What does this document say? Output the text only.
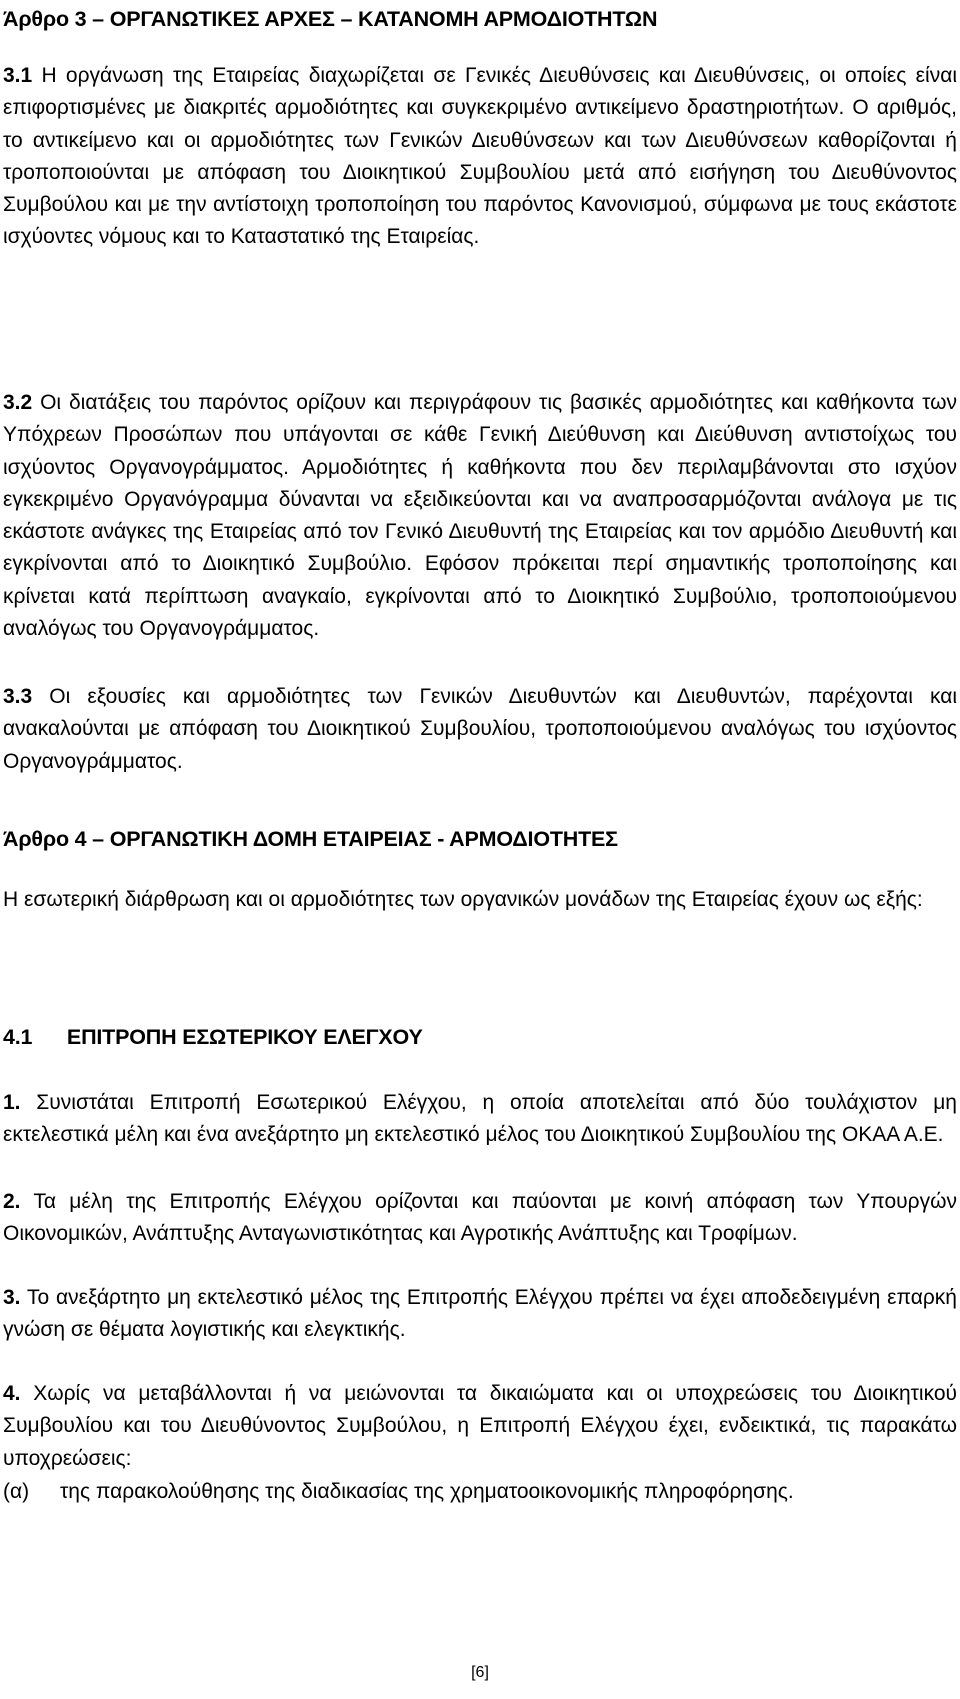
Άρθρο 3 – ΟΡΓΑΝΩΤΙΚΕΣ ΑΡΧΕΣ – ΚΑΤΑΝΟΜΗ ΑΡΜΟΔΙΟΤΗΤΩΝ
3.1 Η οργάνωση της Εταιρείας διαχωρίζεται σε Γενικές Διευθύνσεις και Διευθύνσεις, οι οποίες είναι επιφορτισμένες με διακριτές αρμοδιότητες και συγκεκριμένο αντικείμενο δραστηριοτήτων. Ο αριθμός, το αντικείμενο και οι αρμοδιότητες των Γενικών Διευθύνσεων και των Διευθύνσεων καθορίζονται ή τροποποιούνται με απόφαση του Διοικητικού Συμβουλίου μετά από εισήγηση του Διευθύνοντος Συμβούλου και με την αντίστοιχη τροποποίηση του παρόντος Κανονισμού, σύμφωνα με τους εκάστοτε ισχύοντες νόμους και το Καταστατικό της Εταιρείας.
3.2 Οι διατάξεις του παρόντος ορίζουν και περιγράφουν τις βασικές αρμοδιότητες και καθήκοντα των Υπόχρεων Προσώπων που υπάγονται σε κάθε Γενική Διεύθυνση και Διεύθυνση αντιστοίχως του ισχύοντος Οργανογράμματος. Αρμοδιότητες ή καθήκοντα που δεν περιλαμβάνονται στο ισχύον εγκεκριμένο Οργανόγραμμα δύνανται να εξειδικεύονται και να αναπροσαρμόζονται ανάλογα με τις εκάστοτε ανάγκες της Εταιρείας από τον Γενικό Διευθυντή της Εταιρείας και τον αρμόδιο Διευθυντή και εγκρίνονται από το Διοικητικό Συμβούλιο. Εφόσον πρόκειται περί σημαντικής τροποποίησης και κρίνεται κατά περίπτωση αναγκαίο, εγκρίνονται από το Διοικητικό Συμβούλιο, τροποποιούμενου αναλόγως του Οργανογράμματος.
3.3 Οι εξουσίες και αρμοδιότητες των Γενικών Διευθυντών και Διευθυντών, παρέχονται και ανακαλούνται με απόφαση του Διοικητικού Συμβουλίου, τροποποιούμενου αναλόγως του ισχύοντος Οργανογράμματος.
Άρθρο 4 – ΟΡΓΑΝΩΤΙΚΗ ΔΟΜΗ ΕΤΑΙΡΕΙΑΣ - ΑΡΜΟΔΙΟΤΗΤΕΣ
Η εσωτερική διάρθρωση και οι αρμοδιότητες των οργανικών μονάδων της Εταιρείας έχουν ως εξής:
4.1      ΕΠΙΤΡΟΠΗ ΕΣΩΤΕΡΙΚΟΥ ΕΛΕΓΧΟΥ
1. Συνιστάται Επιτροπή Εσωτερικού Ελέγχου, η οποία αποτελείται από δύο τουλάχιστον μη εκτελεστικά μέλη και ένα ανεξάρτητο μη εκτελεστικό μέλος του Διοικητικού Συμβουλίου της ΟΚΑΑ Α.Ε.
2. Τα μέλη της Επιτροπής Ελέγχου ορίζονται και παύονται με κοινή απόφαση των Υπουργών Οικονομικών, Ανάπτυξης Ανταγωνιστικότητας και Αγροτικής Ανάπτυξης και Τροφίμων.
3. Το ανεξάρτητο μη εκτελεστικό μέλος της Επιτροπής Ελέγχου πρέπει να έχει αποδεδειγμένη επαρκή γνώση σε θέματα λογιστικής και ελεγκτικής.
4. Χωρίς να μεταβάλλονται ή να μειώνονται τα δικαιώματα και οι υποχρεώσεις του Διοικητικού Συμβουλίου και του Διευθύνοντος Συμβούλου, η Επιτροπή Ελέγχου έχει, ενδεικτικά, τις παρακάτω υποχρεώσεις:
(α)	της παρακολούθησης της διαδικασίας της χρηματοοικονομικής πληροφόρησης.
[6]
